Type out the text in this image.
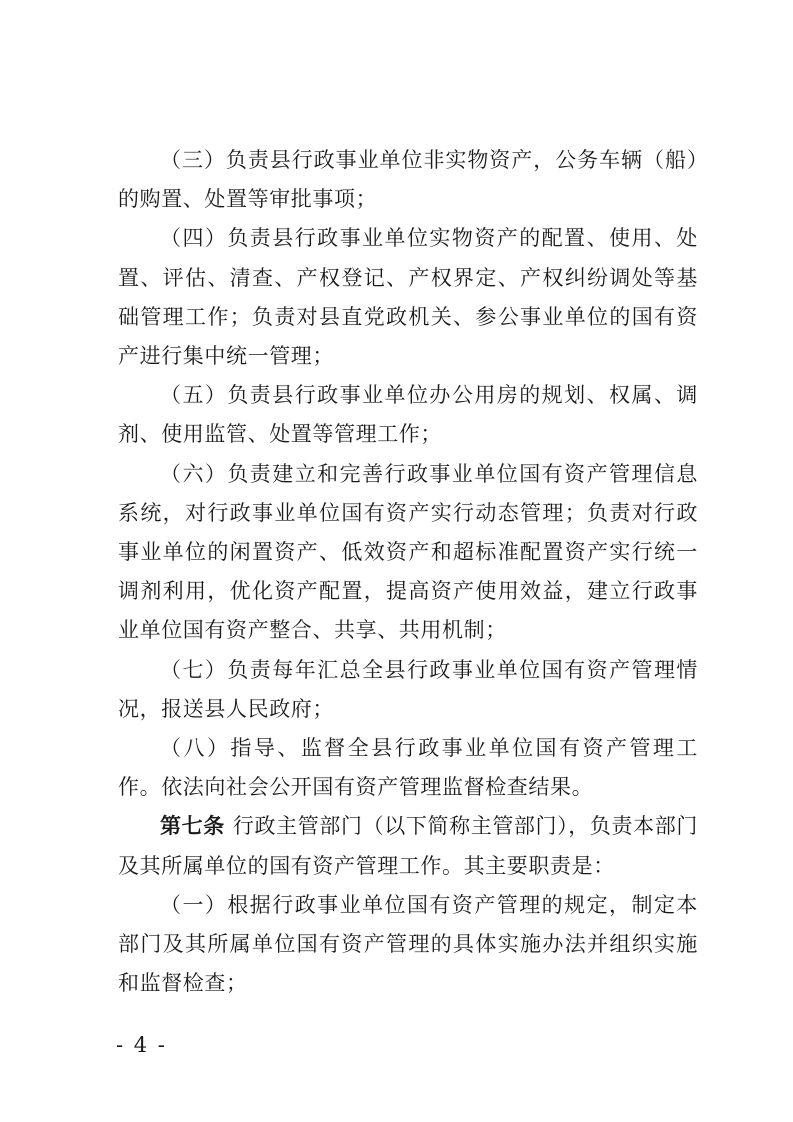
（三）负责县行政事业单位非实物资产，公务车辆（船）的购置、处置等审批事项；

（四）负责县行政事业单位实物资产的配置、使用、处置、评估、清查、产权登记、产权界定、产权纠纷调处等基础管理工作；负责对县直党政机关、参公事业单位的国有资产进行集中统一管理；

（五）负责县行政事业单位办公用房的规划、权属、调剂、使用监管、处置等管理工作；

（六）负责建立和完善行政事业单位国有资产管理信息系统，对行政事业单位国有资产实行动态管理；负责对行政事业单位的闲置资产、低效资产和超标准配置资产实行统一调剂利用，优化资产配置，提高资产使用效益，建立行政事业单位国有资产整合、共享、共用机制；

（七）负责每年汇总全县行政事业单位国有资产管理情况，报送县人民政府；

（八）指导、监督全县行政事业单位国有资产管理工作。依法向社会公开国有资产管理监督检查结果。

第七条 行政主管部门（以下简称主管部门），负责本部门及其所属单位的国有资产管理工作。其主要职责是：

（一）根据行政事业单位国有资产管理的规定，制定本部门及其所属单位国有资产管理的具体实施办法并组织实施和监督检查；

- 4 -
